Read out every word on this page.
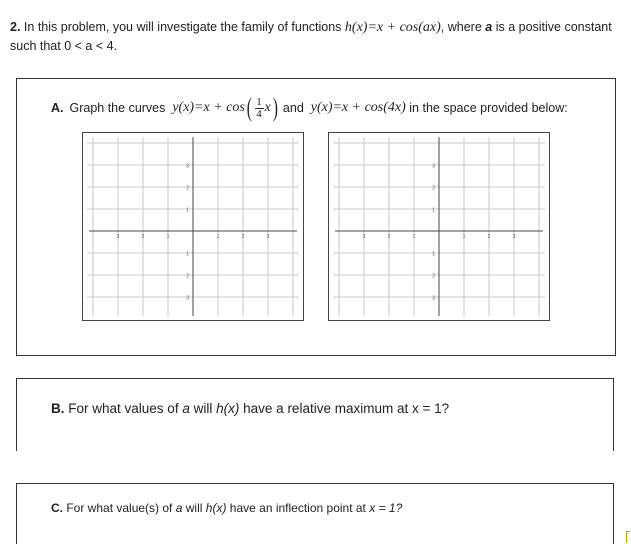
2. In this problem, you will investigate the family of functions h(x)=x + cos(ax), where a is a positive constant such that 0 < a < 4.
A. Graph the curves
y(x)=x + cos ( $\frac{1}{4}$ x )
and
y(x)=x + cos(4x)
in the space provided below:
3
2
1
1
2
3
3	2	1	1	2	3
3
2
1
1
2
3
3	2	1	1	2	3
B. For what values of a will h(x) have a relative maximum at x = 1?
C. For what value(s) of a will h(x) have an inflection point at x = 1?
